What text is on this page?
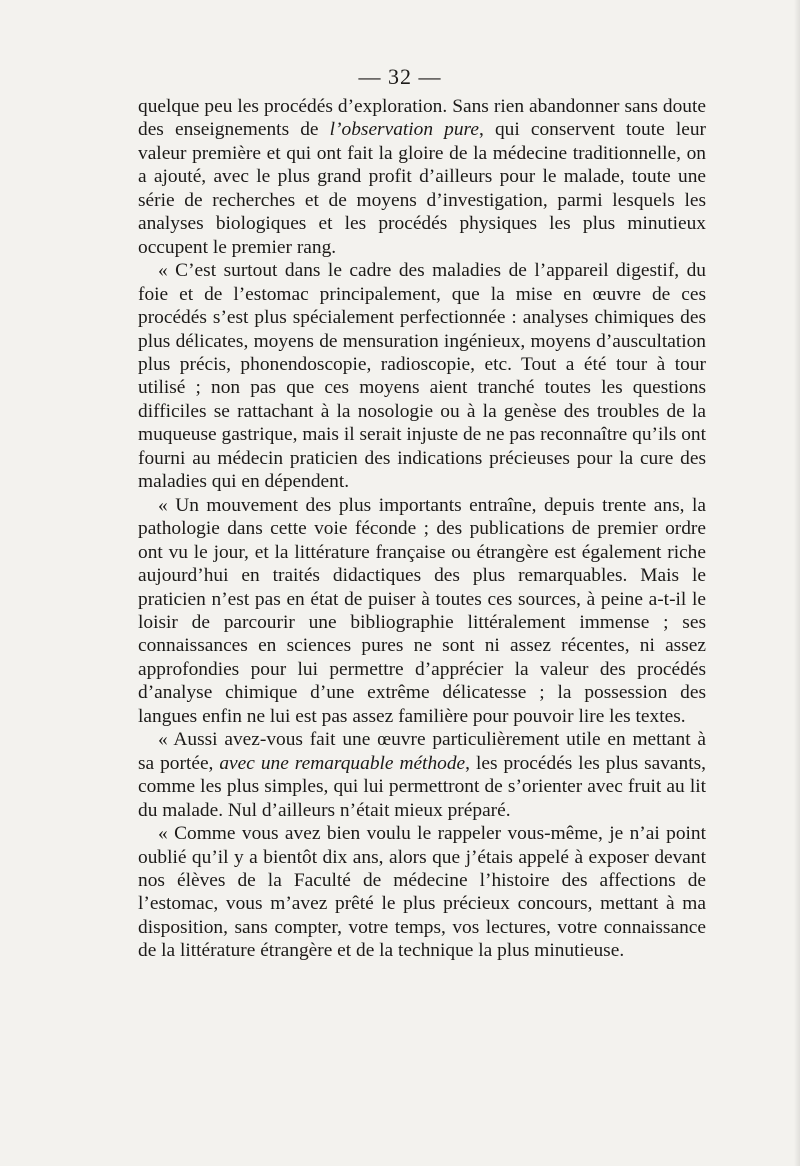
— 32 —

quelque peu les procédés d’exploration. Sans rien abandonner sans doute des enseignements de l’observation pure, qui conservent toute leur valeur première et qui ont fait la gloire de la médecine traditionnelle, on a ajouté, avec le plus grand profit d’ailleurs pour le malade, toute une série de recherches et de moyens d’investigation, parmi lesquels les analyses biologiques et les procédés physiques les plus minutieux occupent le premier rang.

« C’est surtout dans le cadre des maladies de l’appareil digestif, du foie et de l’estomac principalement, que la mise en œuvre de ces procédés s’est plus spécialement perfectionnée : analyses chimiques des plus délicates, moyens de mensuration ingénieux, moyens d’auscultation plus précis, phonendoscopie, radioscopie, etc. Tout a été tour à tour utilisé ; non pas que ces moyens aient tranché toutes les questions difficiles se rattachant à la nosologie ou à la genèse des troubles de la muqueuse gastrique, mais il serait injuste de ne pas reconnaître qu’ils ont fourni au médecin praticien des indications précieuses pour la cure des maladies qui en dépendent.

« Un mouvement des plus importants entraîne, depuis trente ans, la pathologie dans cette voie féconde ; des publications de premier ordre ont vu le jour, et la littérature française ou étrangère est également riche aujourd’hui en traités didactiques des plus remarquables. Mais le praticien n’est pas en état de puiser à toutes ces sources, à peine a-t-il le loisir de parcourir une bibliographie littéralement immense ; ses connaissances en sciences pures ne sont ni assez récentes, ni assez approfondies pour lui permettre d’apprécier la valeur des procédés d’analyse chimique d’une extrême délicatesse ; la possession des langues enfin ne lui est pas assez familière pour pouvoir lire les textes.

« Aussi avez-vous fait une œuvre particulièrement utile en mettant à sa portée, avec une remarquable méthode, les procédés les plus savants, comme les plus simples, qui lui permettront de s’orienter avec fruit au lit du malade. Nul d’ailleurs n’était mieux préparé.

« Comme vous avez bien voulu le rappeler vous-même, je n’ai point oublié qu’il y a bientôt dix ans, alors que j’étais appelé à exposer devant nos élèves de la Faculté de médecine l’histoire des affections de l’estomac, vous m’avez prêté le plus précieux concours, mettant à ma disposition, sans compter, votre temps, vos lectures, votre connaissance de la littérature étrangère et de la technique la plus minutieuse.
